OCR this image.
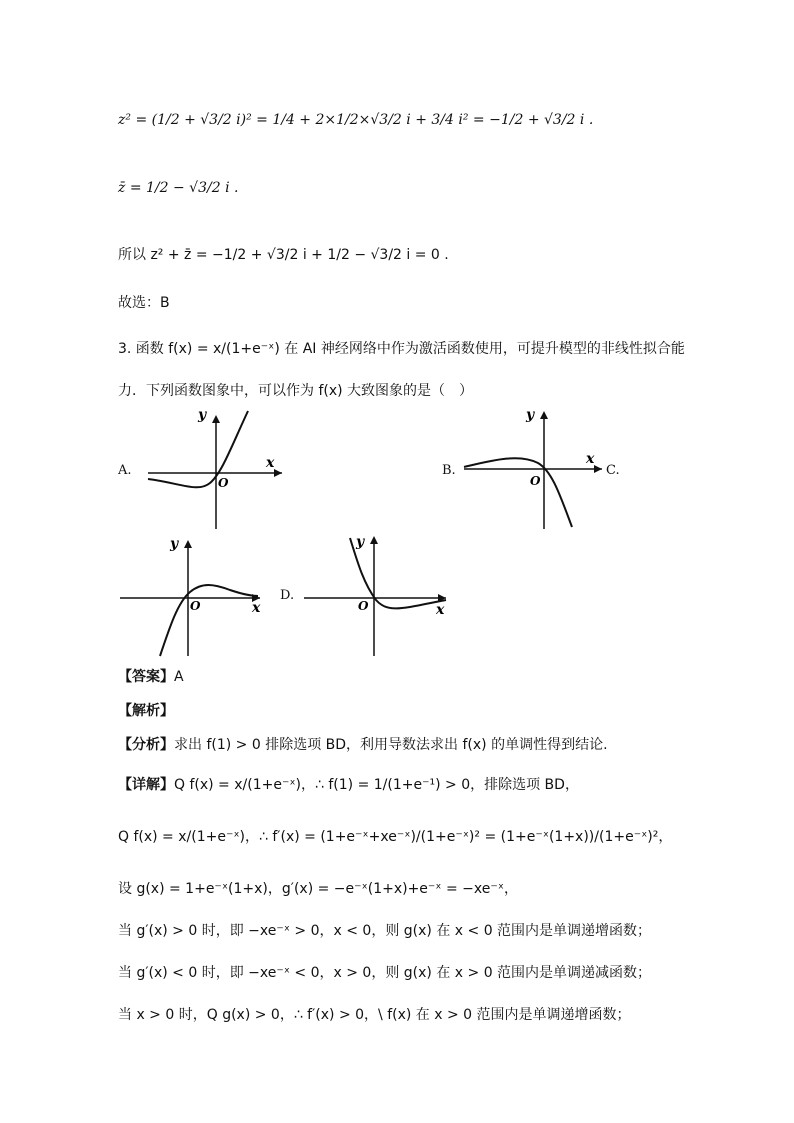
z² = (1/2 + √3/2 i)² = 1/4 + 2×1/2×√3/2 i + 3/4 i² = −1/2 + √3/2 i .
z̄ = 1/2 − √3/2 i .
所以 z² + z̄ = −1/2 + √3/2 i + 1/2 − √3/2 i = 0 .
故选：B
3. 函数 f(x) = x/(1+e⁻ˣ) 在 AI 神经网络中作为激活函数使用，可提升模型的非线性拟合能
力．下列函数图象中，可以作为 f(x) 大致图象的是（　）
A.	B.	C.
D.
y
x
O
y
x
O
y
x
O
y
x
O
【答案】A
【解析】
【分析】求出 f(1) > 0 排除选项 BD，利用导数法求出 f(x) 的单调性得到结论.
【详解】Q f(x) = x/(1+e⁻ˣ)，∴ f(1) = 1/(1+e⁻¹) > 0，排除选项 BD，
Q f(x) = x/(1+e⁻ˣ)，∴ f′(x) = (1+e⁻ˣ+xe⁻ˣ)/(1+e⁻ˣ)² = (1+e⁻ˣ(1+x))/(1+e⁻ˣ)²，
设 g(x) = 1+e⁻ˣ(1+x)，g′(x) = −e⁻ˣ(1+x)+e⁻ˣ = −xe⁻ˣ，
当 g′(x) > 0 时，即 −xe⁻ˣ > 0，x < 0，则 g(x) 在 x < 0 范围内是单调递增函数；
当 g′(x) < 0 时，即 −xe⁻ˣ < 0，x > 0，则 g(x) 在 x > 0 范围内是单调递减函数；
当 x > 0 时，Q g(x) > 0，∴ f′(x) > 0，\ f(x) 在 x > 0 范围内是单调递增函数；
